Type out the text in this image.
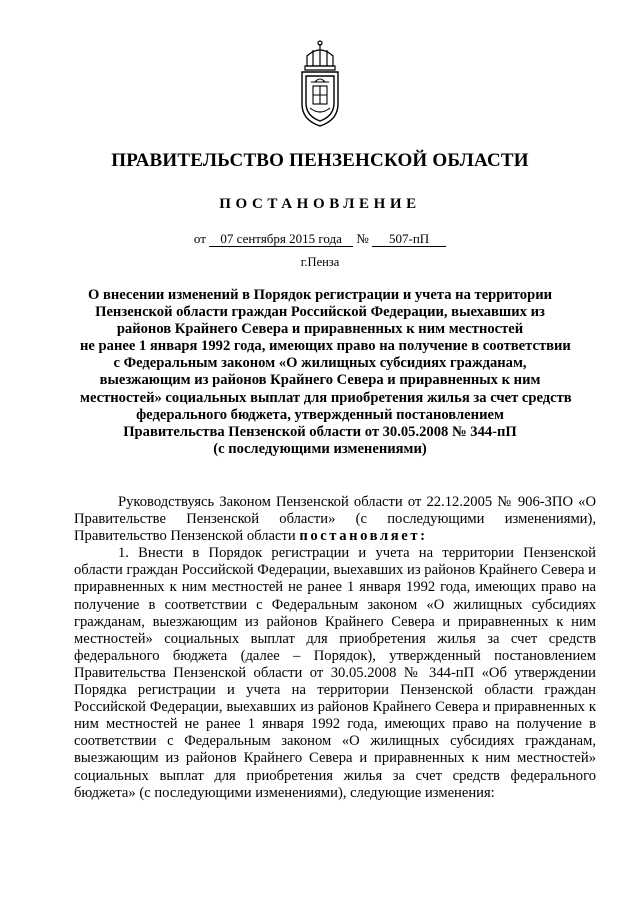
ПРАВИТЕЛЬСТВО ПЕНЗЕНСКОЙ ОБЛАСТИ
ПОСТАНОВЛЕНИЕ
от 07 сентября 2015 года № 507-пП
г.Пенза
О внесении изменений в Порядок регистрации и учета на территории
Пензенской области граждан Российской Федерации, выехавших из
районов Крайнего Севера и приравненных к ним местностей
не ранее 1 января 1992 года, имеющих право на получение в соответствии
с Федеральным законом «О жилищных субсидиях гражданам,
выезжающим из районов Крайнего Севера и приравненных к ним
местностей» социальных выплат для приобретения жилья за счет средств
федерального бюджета, утвержденный постановлением
Правительства Пензенской области от 30.05.2008 № 344-пП
(с последующими изменениями)

Руководствуясь Законом Пензенской области от 22.12.2005 № 906-ЗПО «О Правительстве Пензенской области» (с последующими изменениями), Правительство Пензенской области постановляет:

1. Внести в Порядок регистрации и учета на территории Пензенской области граждан Российской Федерации, выехавших из районов Крайнего Севера и приравненных к ним местностей не ранее 1 января 1992 года, имеющих право на получение в соответствии с Федеральным законом «О жилищных субсидиях гражданам, выезжающим из районов Крайнего Севера и приравненных к ним местностей» социальных выплат для приобретения жилья за счет средств федерального бюджета (далее – Порядок), утвержденный постановлением Правительства Пензенской области от 30.05.2008 № 344-пП «Об утверждении Порядка регистрации и учета на территории Пензенской области граждан Российской Федерации, выехавших из районов Крайнего Севера и приравненных к ним местностей не ранее 1 января 1992 года, имеющих право на получение в соответствии с Федеральным законом «О жилищных субсидиях гражданам, выезжающим из районов Крайнего Севера и приравненных к ним местностей» социальных выплат для приобретения жилья за счет средств федерального бюджета» (с последующими изменениями), следующие изменения:
